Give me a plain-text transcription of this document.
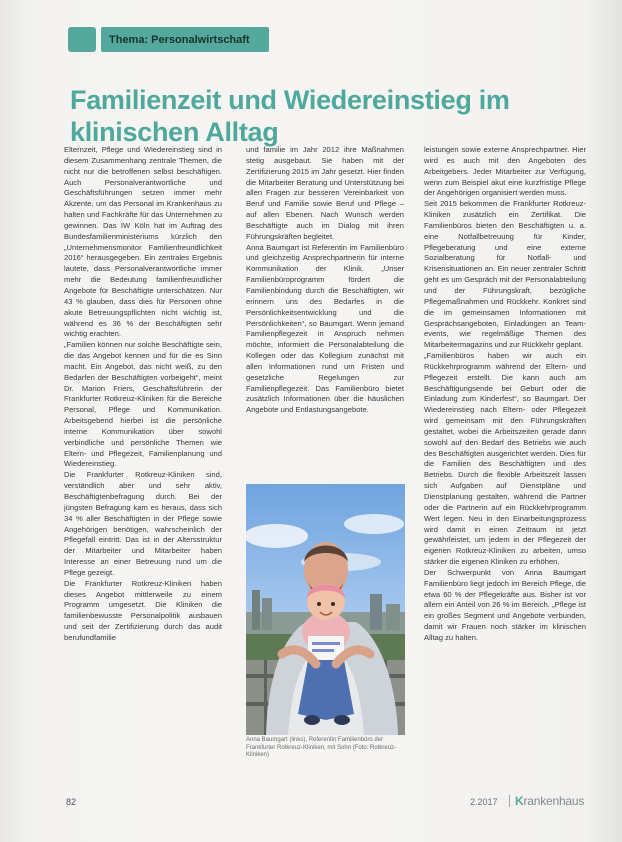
Thema: Personalwirtschaft
Familienzeit und Wiedereinstieg im klinischen Alltag

Elternzeit, Pflege und Wiedereinstieg sind in diesem Zusammenhang zentrale Themen, die nicht nur die betroffenen selbst beschäftigen. Auch Personalverantwortliche und Geschäftsführungen setzen immer mehr Akzente, um das Personal im Krankenhaus zu halten und Fachkräfte für das Unternehmen zu gewinnen. Das IW Köln hat im Auftrag des Bundesfamilienministeriums kürzlich den „Unternehmensmonitor Familienfreundlichkeit 2016“ herausgegeben. Ein zentrales Ergebnis lautete, dass Personalverantwortliche immer mehr die Bedeutung familienfreundlicher Angebote für Beschäftigte unterschätzen. Nur 43 % glauben, dass dies für Personen ohne akute Betreuungspflichten nicht wichtig ist, während es 36 % der Beschäftigten sehr wichtig erachten.

„Familien können nur solche Beschäftigte sein, die das Angebot kennen und für die es Sinn macht. Ein Angebot, das nicht weiß, zu den Bedarfen der Beschäftigten vorbeigeht“, meint Dr. Marion Friers, Geschäftsführerin der Frankfurter Rotkreuz-Kliniken für die Bereiche Personal, Pflege und Kommunikation. Arbeitsgebend hierbei ist die persönliche interne Kommunikation über sowohl verbindliche und persönliche Themen wie Eltern- und Pflegezeit, Familienplanung und Wiedereinstieg.

Die Frankfurter Rotkreuz-Kliniken sind, verständlich aber und sehr aktiv, Beschäftigtenbefragung durch. Bei der jüngsten Befragung kam es heraus, dass sich 34 % aller Beschäftigten in der Pflege sowie Angehörigen benötigen, wahrscheinlich der Pflegefall eintritt. Das ist in der Altersstruktur der Mitarbeiter und Mitarbeiter haben Interesse an einer Betreuung rund um die Pflege gezeigt.

Die Frankfurter Rotkreuz-Kliniken haben dieses Angebot mittlerweile zu einem Programm umgesetzt. Die Kliniken die familienbewusste Personalpolitik ausbauen und seit der Zertifizierung durch das audit berufundfamilie

und familie im Jahr 2012 ihre Maßnahmen stetig ausgebaut. Sie haben mit der Zertifizierung 2015 im Jahr gesetzt. Hier finden die Mitarbeiter Beratung und Unterstützung bei allen Fragen zur besseren Vereinbarkeit von Beruf und Familie sowie Beruf und Pflege – auf allen Ebenen. Nach Wunsch werden Beschäftigte auch im Dialog mit ihren Führungskräften begleitet.

Anna Baumgart ist Referentin im Familienbüro und gleichzeitig Ansprechpartnerin für interne Kommunikation der Klinik. „Unser Familienbüroprogramm fördert die Familienbindung durch die Beschäftigten, wir erinnern uns des Bedarfes in die Persönlichkeitsentwicklung und die Persönlichkeiten“, so Baumgart. Wenn jemand Familienpflegezeit in Anspruch nehmen möchte, informiert die Personalabteilung die Kollegen oder das Kollegium zunächst mit allen Informationen rund um Fristen und gesetzliche Regelungen zur Familienpflegezeit. Das Familienbüro bietet zusätzlich Informationen über die häuslichen Angebote und Entlastungsangebote.

Anna Baumgart (links), Referentin Familienbüro der Frankfurter Rotkreuz-Kliniken, mit Sohn (Foto: Rotkreuz-Kliniken)

leistungen sowie externe Ansprechpartner. Hier wird es auch mit den Angeboten des Arbeitgebers. Jeder Mitarbeiter zur Verfügung, wenn zum Beispiel akut eine kurzfristige Pflege der Angehörigen organisiert werden muss.

Seit 2015 bekommen die Frankfurter Rotkreuz-Kliniken zusätzlich ein Zertifikat. Die Familienbüros bieten den Beschäftigten u. a. eine Notfallbetreuung für Kinder, Pflegeberatung und eine externe Sozialberatung für Notfall- und Krisensituationen an. Ein neuer zentraler Schritt geht es um Gespräch mit der Personalabteilung und der Führungskraft, bezügliche Pflegemaßnahmen und Rückkehr. Konkret sind die im gemeinsamen Informationen mit Gesprächsangeboten, Einladungen an Team-events, wie regelmäßige Themen des Mitarbeitermagazins und zur Rückkehr geplant.

„Familienbüros haben wir auch ein Rückkehrprogramm während der Eltern- und Pflegezeit erstellt. Die kann auch am Beschäftigungsende bei Geburt oder die Einladung zum Kinderfest“, so Baumgart. Der Wiedereinstieg nach Eltern- oder Pflegezeit wird gemeinsam mit den Führungskräften gestaltet, wobei die Arbeitszeiten gerade dann sowohl auf den Bedarf des Betriebs wie auch des Beschäftigten ausgerichtet werden. Dies für die Familien des Beschäftigten und des Betriebs. Durch die flexible Arbeitszeit lassen sich Aufgaben auf Dienstpläne und Dienstplanung gestalten, während die Partner oder die Partnerin auf ein Rückkehrprogramm Wert legen. Neu in den Einarbeitungsprozess wird damit in einen Zeitraum ist jetzt gewährleistet, um jedem in der Pflegezeit der eigenen Rotkreuz-Kliniken zu arbeiten, umso stärker die eigenen Kliniken zu erhöhen.

Der Schwerpunkt von Anna Baumgart Familienbüro liegt jedoch im Bereich Pflege, die etwa 60 % der Pflegekräfte aus. Bisher ist vor allem ein Anteil von 26 % im Bereich. „Pflege ist ein großes Segment und Angebote verbunden, damit wir Frauen noch stärker im klinischen Alltag zu halten.

82	2.2017 Krankenhaus
